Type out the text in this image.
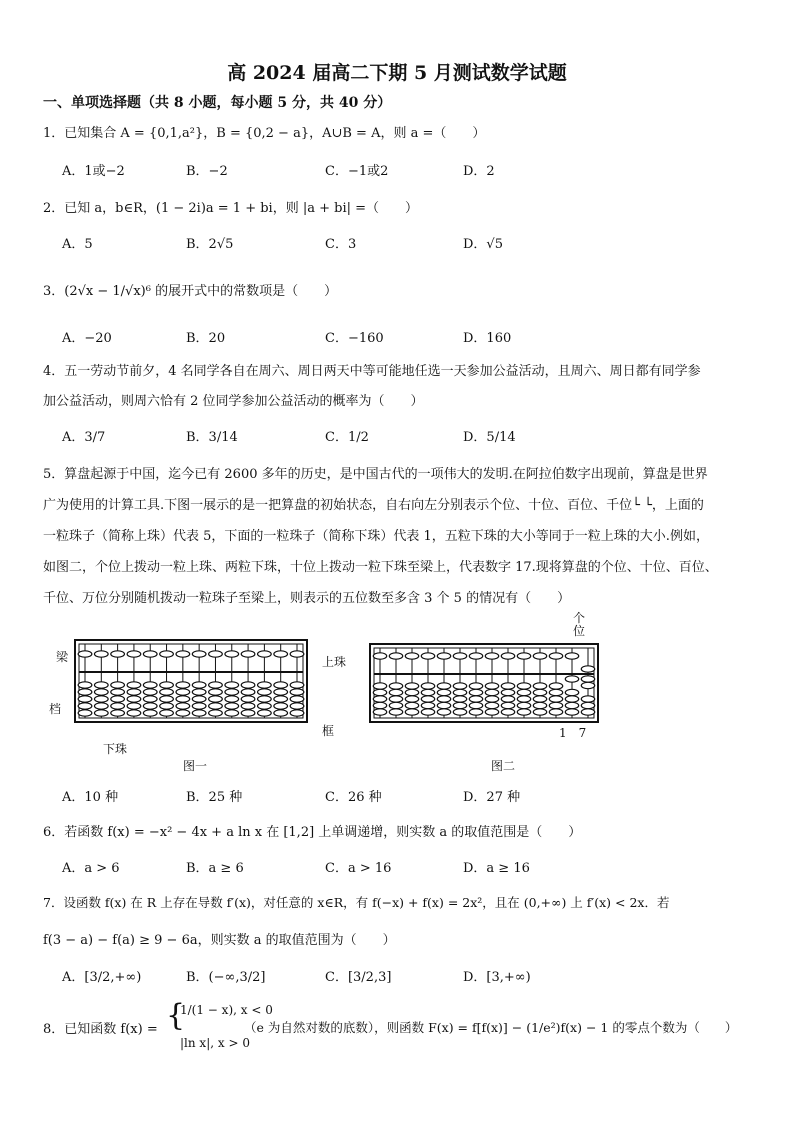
高 2024 届高二下期 5 月测试数学试题
一、单项选择题（共 8 小题，每小题 5 分，共 40 分）
1．已知集合 A = {0,1,a²}，B = {0,2 − a}，A∪B = A，则 a =（　　）
A．1或−2	B．−2	C．−1或2	D．2
2．已知 a，b∈R，(1 − 2i)a = 1 + bi，则 |a + bi| =（　　）
A．5	B．2√5	C．3	D．√5
3．(2√x − 1/√x)⁶ 的展开式中的常数项是（　　）
A．−20	B．20	C．−160	D．160
4．五一劳动节前夕，4 名同学各自在周六、周日两天中等可能地任选一天参加公益活动，且周六、周日都有同学参
加公益活动，则周六恰有 2 位同学参加公益活动的概率为（　　）
A．3/7	B．3/14	C．1/2	D．5/14
5．算盘起源于中国，迄今已有 2600 多年的历史，是中国古代的一项伟大的发明.在阿拉伯数字出现前，算盘是世界
广为使用的计算工具.下图一展示的是一把算盘的初始状态，自右向左分别表示个位、十位、百位、千位└ └，上面的
一粒珠子（简称上珠）代表 5，下面的一粒珠子（简称下珠）代表 1，五粒下珠的大小等同于一粒上珠的大小.例如，
如图二，个位上拨动一粒上珠、两粒下珠，十位上拨动一粒下珠至梁上，代表数字 17.现将算盘的个位、十位、百位、
千位、万位分别随机拨动一粒珠子至梁上，则表示的五位数至多含 3 个 5 的情况有（　　）
梁
档
上珠
下珠
框
图一
个位
1　7
图二
A．10 种	B．25 种	C．26 种	D．27 种
6．若函数 f(x) = −x² − 4x + a ln x 在 [1,2] 上单调递增，则实数 a 的取值范围是（　　）
A．a > 6	B．a ≥ 6	C．a > 16	D．a ≥ 16
7．设函数 f(x) 在 R 上存在导数 f′(x)，对任意的 x∈R，有 f(−x) + f(x) = 2x²，且在 (0,+∞) 上 f′(x) < 2x．若
f(3 − a) − f(a) ≥ 9 − 6a，则实数 a 的取值范围为（　　）
A．[3/2,+∞)	B．(−∞,3/2]	C．[3/2,3]	D．[3,+∞)
8．已知函数 f(x) = {
1/(1 − x), x < 0
|ln x|, x > 0
（e 为自然对数的底数），则函数 F(x) = f[f(x)] − (1/e²)f(x) − 1 的零点个数为（　　）
